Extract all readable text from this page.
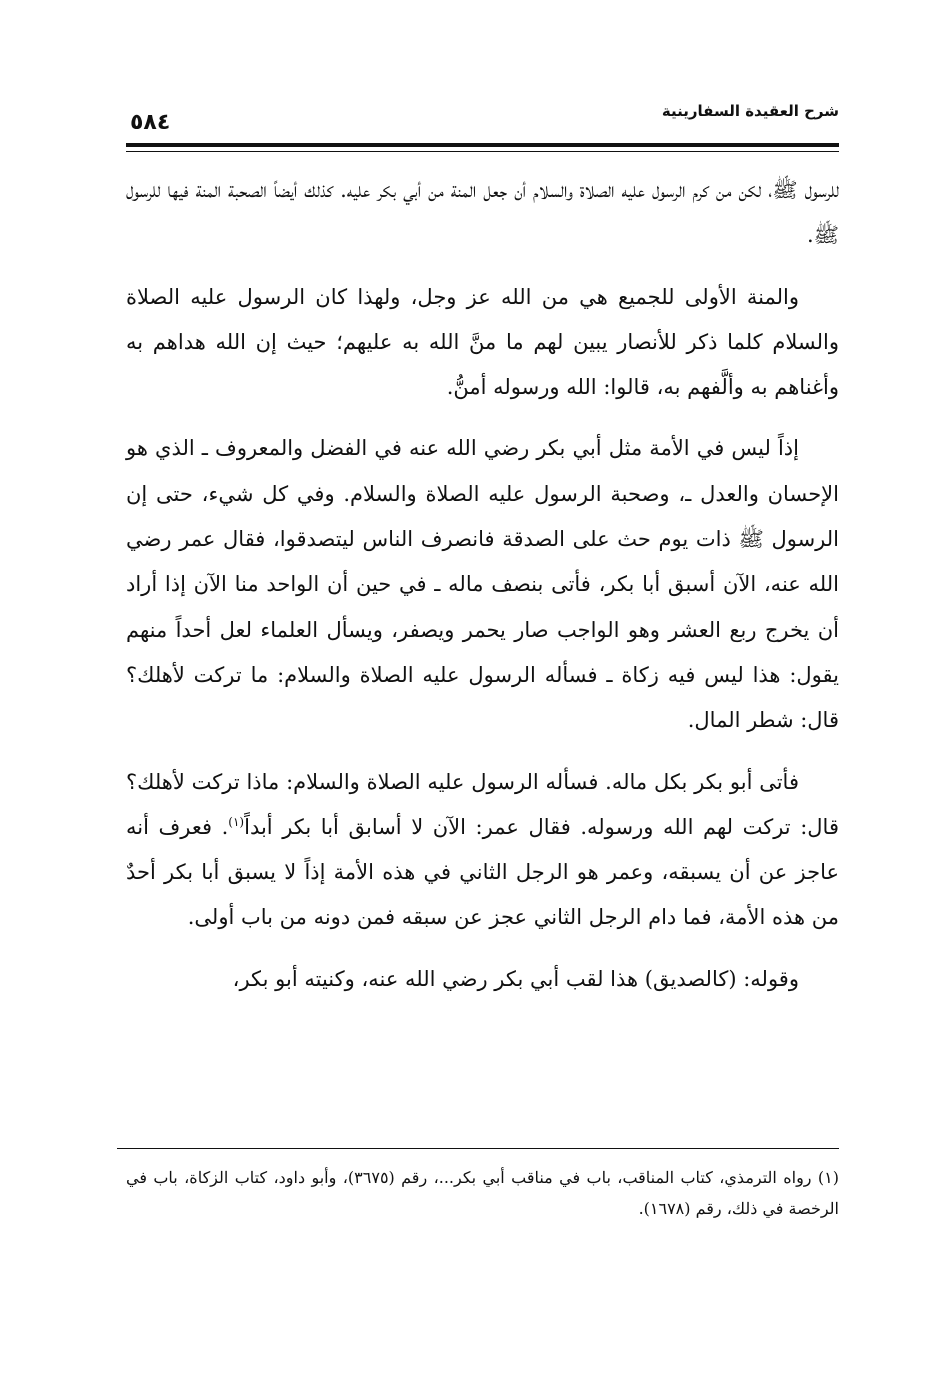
شرح العقيدة السفارينية
٥٨٤

للرسول ﷺ، لكن من كرم الرسول عليه الصلاة والسلام أن جعل المنة من أبي بكر عليه. كذلك أيضاً الصحبة المنة فيها للرسول ﷺ.

والمنة الأولى للجميع هي من الله عز وجل، ولهذا كان الرسول عليه الصلاة والسلام كلما ذكر للأنصار يبين لهم ما منَّ الله به عليهم؛ حيث إن الله هداهم به وأغناهم به وألَّفهم به، قالوا: الله ورسوله أمنُّ.

إذاً ليس في الأمة مثل أبي بكر رضي الله عنه في الفضل والمعروف ـ الذي هو الإحسان والعدل ـ، وصحبة الرسول عليه الصلاة والسلام. وفي كل شيء، حتى إن الرسول ﷺ ذات يوم حث على الصدقة فانصرف الناس ليتصدقوا، فقال عمر رضي الله عنه، الآن أسبق أبا بكر، فأتى بنصف ماله ـ في حين أن الواحد منا الآن إذا أراد أن يخرج ربع العشر وهو الواجب صار يحمر ويصفر، ويسأل العلماء لعل أحداً منهم يقول: هذا ليس فيه زكاة ـ فسأله الرسول عليه الصلاة والسلام: ما تركت لأهلك؟ قال: شطر المال.

فأتى أبو بكر بكل ماله. فسأله الرسول عليه الصلاة والسلام: ماذا تركت لأهلك؟ قال: تركت لهم الله ورسوله. فقال عمر: الآن لا أسابق أبا بكر أبداً$^{(١)}$. فعرف أنه عاجز عن أن يسبقه، وعمر هو الرجل الثاني في هذه الأمة إذاً لا يسبق أبا بكر أحدٌ من هذه الأمة، فما دام الرجل الثاني عجز عن سبقه فمن دونه من باب أولى.

وقوله: (كالصديق) هذا لقب أبي بكر رضي الله عنه، وكنيته أبو بكر،

(١) رواه الترمذي، كتاب المناقب، باب في مناقب أبي بكر...، رقم (٣٦٧٥)، وأبو داود، كتاب الزكاة، باب في الرخصة في ذلك، رقم (١٦٧٨).
